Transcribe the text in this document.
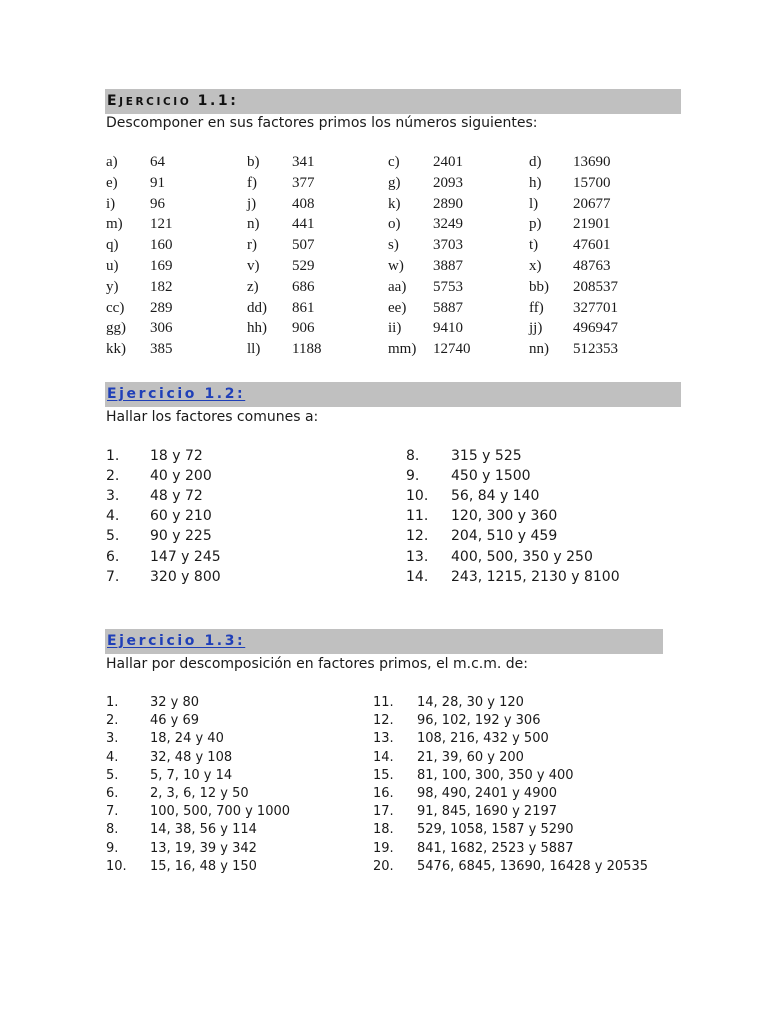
EJERCICIO 1.1:
Descomponer en sus factores primos los números siguientes:
a) 64	b) 341	c) 2401	d) 13690
e) 91	f) 377	g) 2093	h) 15700
i) 96	j) 408	k) 2890	l) 20677
m) 121	n) 441	o) 3249	p) 21901
q) 160	r) 507	s) 3703	t) 47601
u) 169	v) 529	w) 3887	x) 48763
y) 182	z) 686	aa) 5753	bb) 208537
cc) 289	dd) 861	ee) 5887	ff) 327701
gg) 306	hh) 906	ii) 9410	jj) 496947
kk) 385	ll) 1188	mm) 12740	nn) 512353
Ejercicio 1.2:
Hallar los factores comunes a:
1. 18 y 72
2. 40 y 200
3. 48 y 72
4. 60 y 210
5. 90 y 225
6. 147 y 245
7. 320 y 800
8. 315 y 525
9. 450 y 1500
10. 56, 84 y 140
11. 120, 300 y 360
12. 204, 510 y 459
13. 400, 500, 350 y 250
14. 243, 1215, 2130 y 8100
Ejercicio 1.3:
Hallar por descomposición en factores primos, el m.c.m. de:
1. 32 y 80
2. 46 y 69
3. 18, 24 y 40
4. 32, 48 y 108
5. 5, 7, 10 y 14
6. 2, 3, 6, 12 y 50
7. 100, 500, 700 y 1000
8. 14, 38, 56 y 114
9. 13, 19, 39 y 342
10. 15, 16, 48 y 150
11. 14, 28, 30 y 120
12. 96, 102, 192 y 306
13. 108, 216, 432 y 500
14. 21, 39, 60 y 200
15. 81, 100, 300, 350 y 400
16. 98, 490, 2401 y 4900
17. 91, 845, 1690 y 2197
18. 529, 1058, 1587 y 5290
19. 841, 1682, 2523 y 5887
20. 5476, 6845, 13690, 16428 y 20535
